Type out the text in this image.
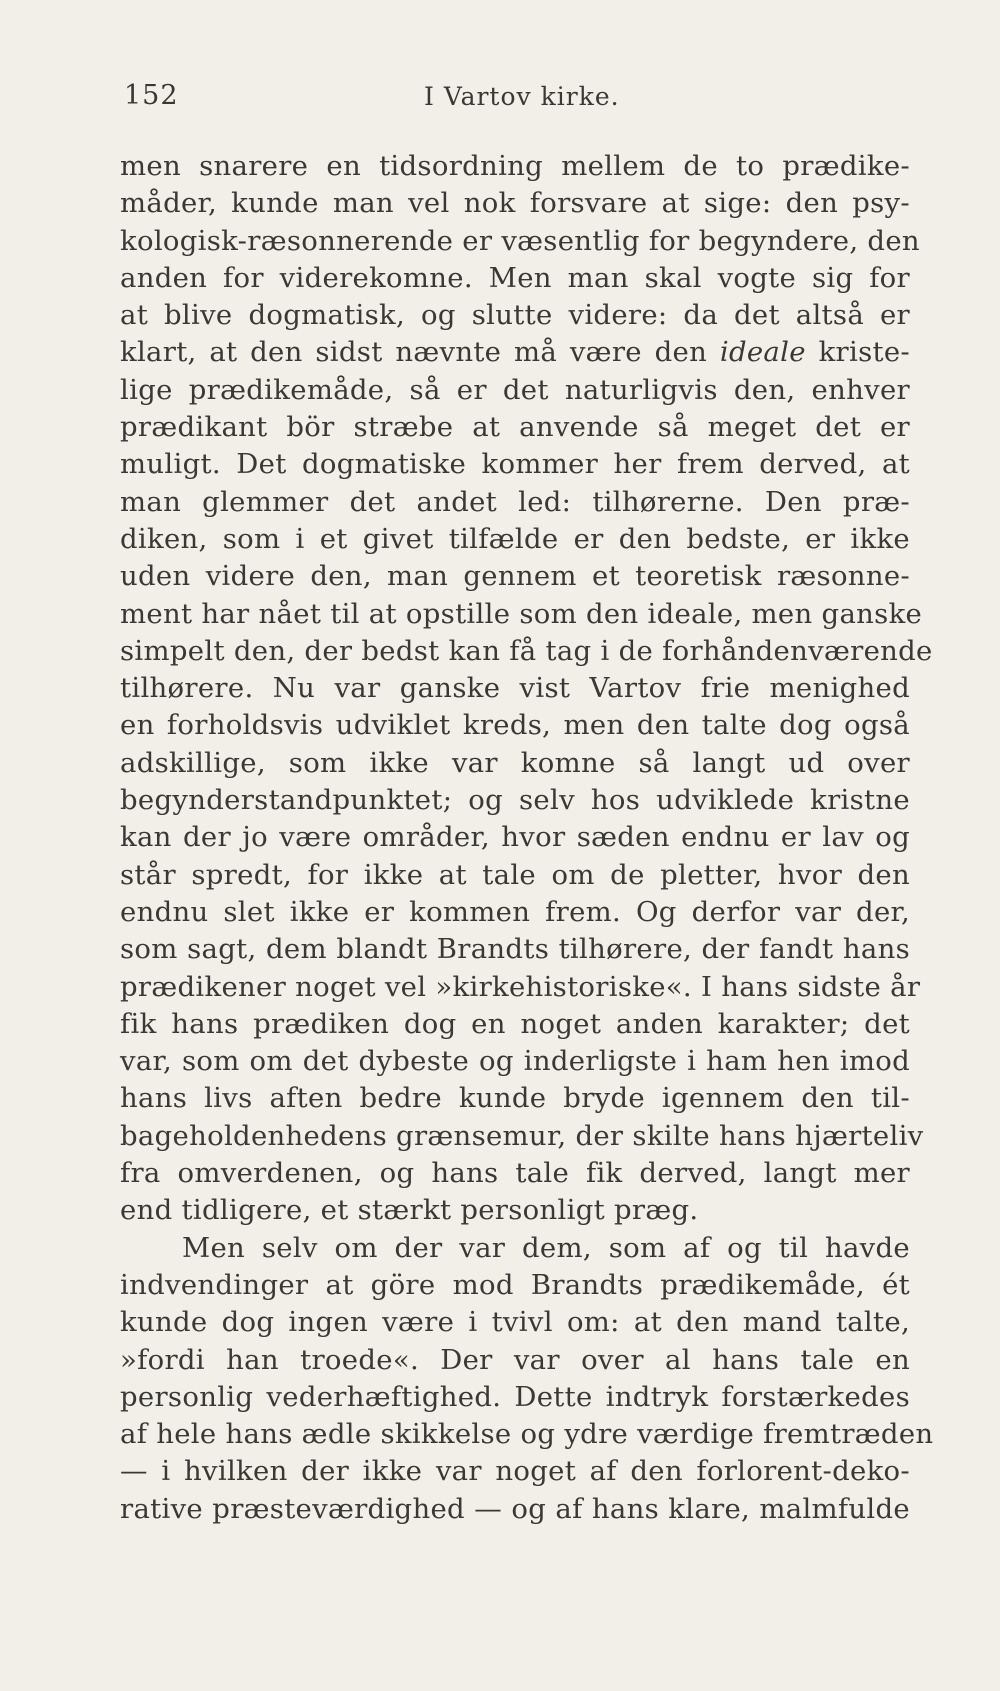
152	I Vartov kirke.
men snarere en tidsordning mellem de to prædike-
måder, kunde man vel nok forsvare at sige: den psy-
kologisk-ræsonnerende er væsentlig for begyndere, den
anden for viderekomne. Men man skal vogte sig for
at blive dogmatisk, og slutte videre: da det altså er
klart, at den sidst nævnte må være den ideale kriste-
lige prædikemåde, så er det naturligvis den, enhver
prædikant bör stræbe at anvende så meget det er
muligt. Det dogmatiske kommer her frem derved, at
man glemmer det andet led: tilhørerne. Den præ-
diken, som i et givet tilfælde er den bedste, er ikke
uden videre den, man gennem et teoretisk ræsonne-
ment har nået til at opstille som den ideale, men ganske
simpelt den, der bedst kan få tag i de forhåndenværende
tilhørere. Nu var ganske vist Vartov frie menighed
en forholdsvis udviklet kreds, men den talte dog også
adskillige, som ikke var komne så langt ud over
begynderstandpunktet; og selv hos udviklede kristne
kan der jo være områder, hvor sæden endnu er lav og
står spredt, for ikke at tale om de pletter, hvor den
endnu slet ikke er kommen frem. Og derfor var der,
som sagt, dem blandt Brandts tilhørere, der fandt hans
prædikener noget vel »kirkehistoriske«. I hans sidste år
fik hans prædiken dog en noget anden karakter; det
var, som om det dybeste og inderligste i ham hen imod
hans livs aften bedre kunde bryde igennem den til-
bageholdenhedens grænsemur, der skilte hans hjærteliv
fra omverdenen, og hans tale fik derved, langt mer
end tidligere, et stærkt personligt præg.
Men selv om der var dem, som af og til havde
indvendinger at göre mod Brandts prædikemåde, ét
kunde dog ingen være i tvivl om: at den mand talte,
»fordi han troede«. Der var over al hans tale en
personlig vederhæftighed. Dette indtryk forstærkedes
af hele hans ædle skikkelse og ydre værdige fremtræden
— i hvilken der ikke var noget af den forlorent-deko-
rative præsteværdighed — og af hans klare, malmfulde
